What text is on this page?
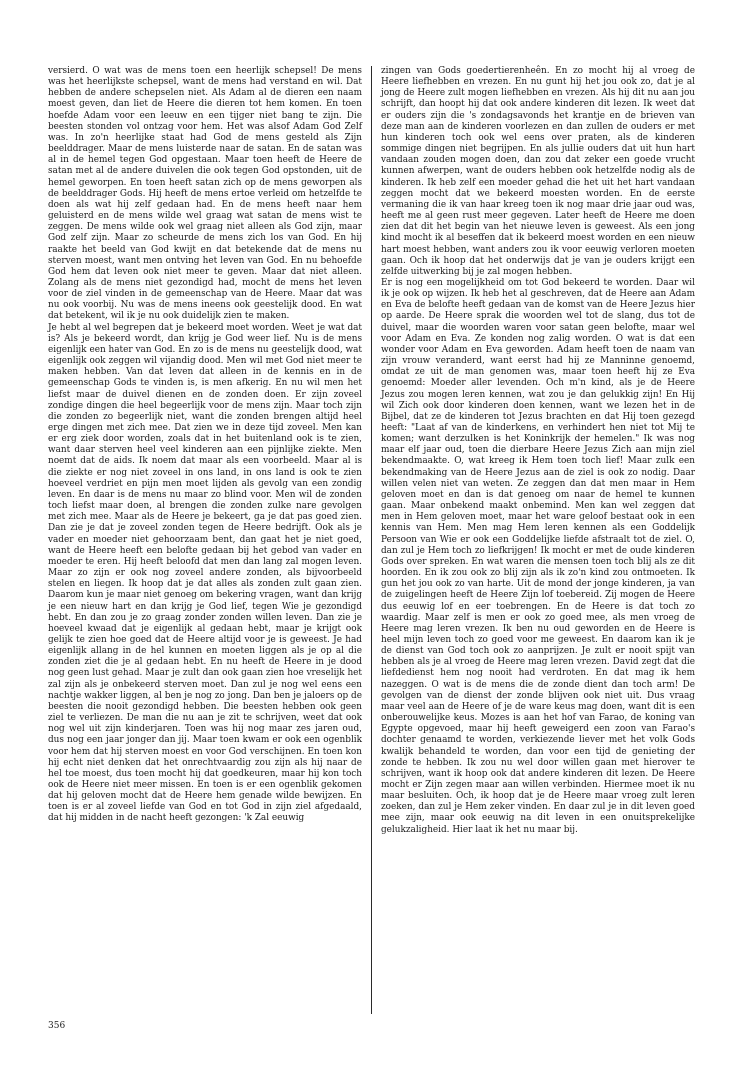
versierd. O wat was de mens toen een heerlijk schepsel! De mens was het heerlijkste schepsel, want de mens had verstand en wil. Dat hebben de andere schepselen niet. Als Adam al de dieren een naam moest geven, dan liet de Heere die dieren tot hem komen. En toen hoefde Adam voor een leeuw en een tijger niet bang te zijn. Die beesten stonden vol ontzag voor hem. Het was alsof Adam God Zelf was. In zo'n heerlijke staat had God de mens gesteld als Zijn beelddrager. Maar de mens luisterde naar de satan. En de satan was al in de hemel tegen God opgestaan. Maar toen heeft de Heere de satan met al de andere duivelen die ook tegen God opstonden, uit de hemel geworpen. En toen heeft satan zich op de mens geworpen als de beelddrager Gods. Hij heeft de mens ertoe verleid om hetzelfde te doen als wat hij zelf gedaan had. En de mens heeft naar hem geluisterd en de mens wilde wel graag wat satan de mens wist te zeggen. De mens wilde ook wel graag niet alleen als God zijn, maar God zelf zijn. Maar zo scheurde de mens zich los van God. En hij raakte het beeld van God kwijt en dat betekende dat de mens nu sterven moest, want men ontving het leven van God. En nu behoefde God hem dat leven ook niet meer te geven. Maar dat niet alleen. Zolang als de mens niet gezondigd had, mocht de mens het leven voor de ziel vinden in de gemeenschap van de Heere. Maar dat was nu ook voorbij. Nu was de mens ineens ook geestelijk dood. En wat dat betekent, wil ik je nu ook duidelijk zien te maken.

Je hebt al wel begrepen dat je bekeerd moet worden. Weet je wat dat is? Als je bekeerd wordt, dan krijg je God weer lief. Nu is de mens eigenlijk een hater van God. En zo is de mens nu geestelijk dood, wat eigenlijk ook zeggen wil vijandig dood. Men wil met God niet meer te maken hebben. Van dat leven dat alleen in de kennis en in de gemeenschap Gods te vinden is, is men afkerig. En nu wil men het liefst maar de duivel dienen en de zonden doen. Er zijn zoveel zondige dingen die heel begeerlijk voor de mens zijn. Maar toch zijn die zonden zo begeerlijk niet, want die zonden brengen altijd heel erge dingen met zich mee. Dat zien we in deze tijd zoveel. Men kan er erg ziek door worden, zoals dat in het buitenland ook is te zien, want daar sterven heel veel kinderen aan een pijnlijke ziekte. Men noemt dat de aids. Ik noem dat maar als een voorbeeld. Maar al is die ziekte er nog niet zoveel in ons land, in ons land is ook te zien hoeveel verdriet en pijn men moet lijden als gevolg van een zondig leven. En daar is de mens nu maar zo blind voor. Men wil de zonden toch liefst maar doen, al brengen die zonden zulke nare gevolgen met zich mee. Maar als de Heere je bekeert, ga je dat pas goed zien. Dan zie je dat je zoveel zonden tegen de Heere bedrijft. Ook als je vader en moeder niet gehoorzaam bent, dan gaat het je niet goed, want de Heere heeft een belofte gedaan bij het gebod van vader en moeder te eren. Hij heeft beloofd dat men dan lang zal mogen leven. Maar zo zijn er ook nog zoveel andere zonden, als bijvoorbeeld stelen en liegen. Ik hoop dat je dat alles als zonden zult gaan zien. Daarom kun je maar niet genoeg om bekering vragen, want dan krijg je een nieuw hart en dan krijg je God lief, tegen Wie je gezondigd hebt. En dan zou je zo graag zonder zonden willen leven. Dan zie je hoeveel kwaad dat je eigenlijk al gedaan hebt, maar je krijgt ook gelijk te zien hoe goed dat de Heere altijd voor je is geweest. Je had eigenlijk allang in de hel kunnen en moeten liggen als je op al die zonden ziet die je al gedaan hebt. En nu heeft de Heere in je dood nog geen lust gehad. Maar je zult dan ook gaan zien hoe vreselijk het zal zijn als je onbekeerd sterven moet. Dan zul je nog wel eens een nachtje wakker liggen, al ben je nog zo jong. Dan ben je jaloers op de beesten die nooit gezondigd hebben. Die beesten hebben ook geen ziel te verliezen. De man die nu aan je zit te schrijven, weet dat ook nog wel uit zijn kinderjaren. Toen was hij nog maar zes jaren oud, dus nog een jaar jonger dan jij. Maar toen kwam er ook een ogenblik voor hem dat hij sterven moest en voor God verschijnen. En toen kon hij echt niet denken dat het onrechtvaardig zou zijn als hij naar de hel toe moest, dus toen mocht hij dat goedkeuren, maar hij kon toch ook de Heere niet meer missen. En toen is er een ogenblik gekomen dat hij geloven mocht dat de Heere hem genade wilde bewijzen. En toen is er al zoveel liefde van God en tot God in zijn ziel afgedaald, dat hij midden in de nacht heeft gezongen: 'k Zal eeuwig

zingen van Gods goedertierenheên. En zo mocht hij al vroeg de Heere liefhebben en vrezen. En nu gunt hij het jou ook zo, dat je al jong de Heere zult mogen liefhebben en vrezen. Als hij dit nu aan jou schrijft, dan hoopt hij dat ook andere kinderen dit lezen. Ik weet dat er ouders zijn die 's zondagsavonds het krantje en de brieven van deze man aan de kinderen voorlezen en dan zullen de ouders er met hun kinderen toch ook wel eens over praten, als de kinderen sommige dingen niet begrijpen. En als jullie ouders dat uit hun hart vandaan zouden mogen doen, dan zou dat zeker een goede vrucht kunnen afwerpen, want de ouders hebben ook hetzelfde nodig als de kinderen. Ik heb zelf een moeder gehad die het uit het hart vandaan zeggen mocht dat we bekeerd moesten worden. En de eerste vermaning die ik van haar kreeg toen ik nog maar drie jaar oud was, heeft me al geen rust meer gegeven. Later heeft de Heere me doen zien dat dit het begin van het nieuwe leven is geweest. Als een jong kind mocht ik al beseffen dat ik bekeerd moest worden en een nieuw hart moest hebben, want anders zou ik voor eeuwig verloren moeten gaan. Och ik hoop dat het onderwijs dat je van je ouders krijgt een zelfde uitwerking bij je zal mogen hebben.

Er is nog een mogelijkheid om tot God bekeerd te worden. Daar wil ik je ook op wijzen. Ik heb het al geschreven, dat de Heere aan Adam en Eva de belofte heeft gedaan van de komst van de Heere Jezus hier op aarde. De Heere sprak die woorden wel tot de slang, dus tot de duivel, maar die woorden waren voor satan geen belofte, maar wel voor Adam en Eva. Ze konden nog zalig worden. O wat is dat een wonder voor Adam en Eva geworden. Adam heeft toen de naam van zijn vrouw veranderd, want eerst had hij ze Manninne genoemd, omdat ze uit de man genomen was, maar toen heeft hij ze Eva genoemd: Moeder aller levenden. Och m'n kind, als je de Heere Jezus zou mogen leren kennen, wat zou je dan gelukkig zijn! En Hij wil Zich ook door kinderen doen kennen, want we lezen het in de Bijbel, dat ze de kinderen tot Jezus brachten en dat Hij toen gezegd heeft: "Laat af van de kinderkens, en verhindert hen niet tot Mij te komen; want derzulken is het Koninkrijk der hemelen." Ik was nog maar elf jaar oud, toen die dierbare Heere Jezus Zich aan mijn ziel bekendmaakte. O, wat kreeg ik Hem toen toch lief! Maar zulk een bekendmaking van de Heere Jezus aan de ziel is ook zo nodig. Daar willen velen niet van weten. Ze zeggen dan dat men maar in Hem geloven moet en dan is dat genoeg om naar de hemel te kunnen gaan. Maar onbekend maakt onbemind. Men kan wel zeggen dat men in Hem geloven moet, maar het ware geloof bestaat ook in een kennis van Hem. Men mag Hem leren kennen als een Goddelijk Persoon van Wie er ook een Goddelijke liefde afstraalt tot de ziel. O, dan zul je Hem toch zo liefkrijgen! Ik mocht er met de oude kinderen Gods over spreken. En wat waren die mensen toen toch blij als ze dit hoorden. En ik zou ook zo blij zijn als ik zo'n kind zou ontmoeten. Ik gun het jou ook zo van harte. Uit de mond der jonge kinderen, ja van de zuigelingen heeft de Heere Zijn lof toebereid. Zij mogen de Heere dus eeuwig lof en eer toebrengen. En de Heere is dat toch zo waardig. Maar zelf is men er ook zo goed mee, als men vroeg de Heere mag leren vrezen. Ik ben nu oud geworden en de Heere is heel mijn leven toch zo goed voor me geweest. En daarom kan ik je de dienst van God toch ook zo aanprijzen. Je zult er nooit spijt van hebben als je al vroeg de Heere mag leren vrezen. David zegt dat die liefdedienst hem nog nooit had verdroten. En dat mag ik hem nazeggen. O wat is de mens die de zonde dient dan toch arm! De gevolgen van de dienst der zonde blijven ook niet uit. Dus vraag maar veel aan de Heere of je de ware keus mag doen, want dit is een onberouwelijke keus. Mozes is aan het hof van Farao, de koning van Egypte opgevoed, maar hij heeft geweigerd een zoon van Farao's dochter genaamd te worden, verkiezende liever met het volk Gods kwalijk behandeld te worden, dan voor een tijd de genieting der zonde te hebben. Ik zou nu wel door willen gaan met hierover te schrijven, want ik hoop ook dat andere kinderen dit lezen. De Heere mocht er Zijn zegen maar aan willen verbinden. Hiermee moet ik nu maar besluiten. Och, ik hoop dat je de Heere maar vroeg zult leren zoeken, dan zul je Hem zeker vinden. En daar zul je in dit leven goed mee zijn, maar ook eeuwig na dit leven in een onuitsprekelijke gelukzaligheid. Hier laat ik het nu maar bij.

356
